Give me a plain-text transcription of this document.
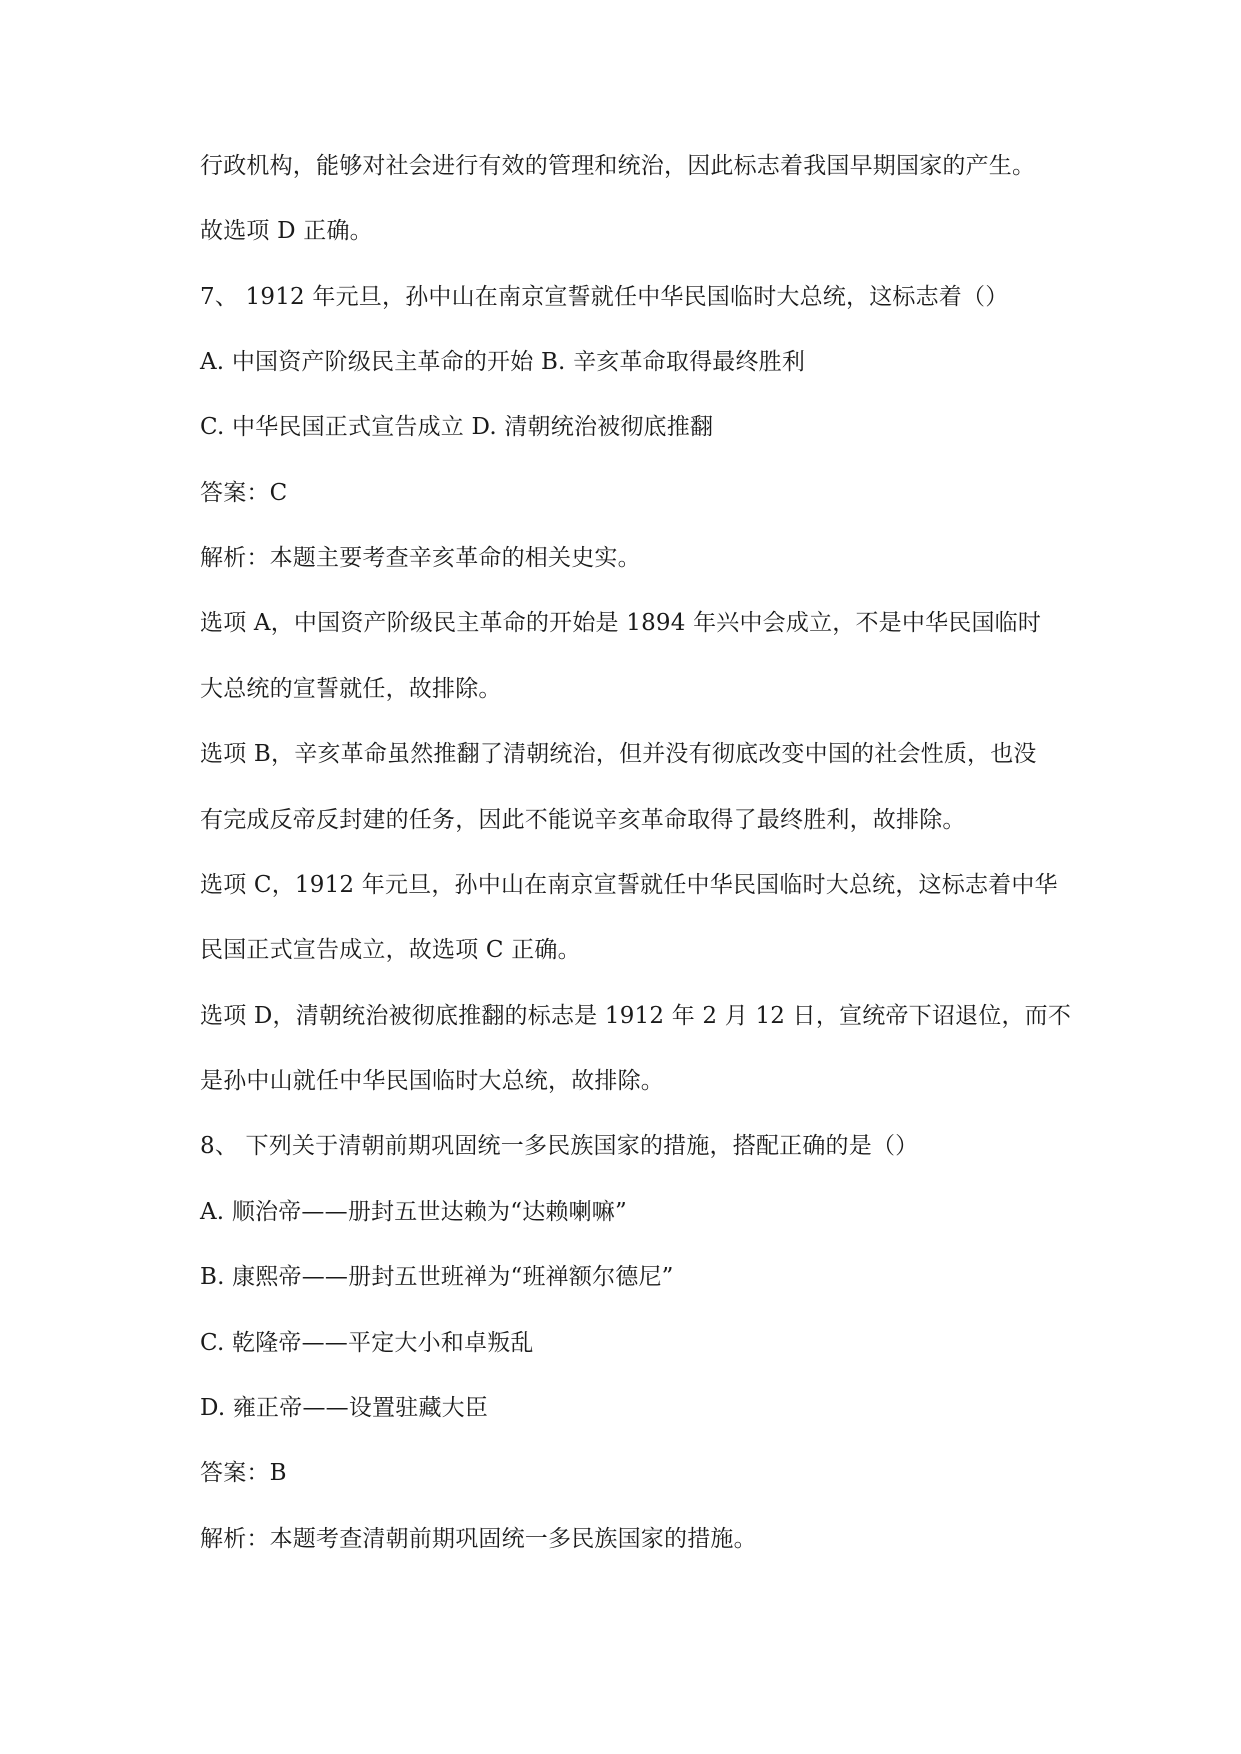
行政机构，能够对社会进行有效的管理和统治，因此标志着我国早期国家的产生。
故选项 D 正确。
7、 1912 年元旦，孙中山在南京宣誓就任中华民国临时大总统，这标志着（）
A. 中国资产阶级民主革命的开始 B. 辛亥革命取得最终胜利
C. 中华民国正式宣告成立 D. 清朝统治被彻底推翻
答案：C
解析：本题主要考查辛亥革命的相关史实。
选项 A，中国资产阶级民主革命的开始是 1894 年兴中会成立，不是中华民国临时
大总统的宣誓就任，故排除。
选项 B，辛亥革命虽然推翻了清朝统治，但并没有彻底改变中国的社会性质，也没
有完成反帝反封建的任务，因此不能说辛亥革命取得了最终胜利，故排除。
选项 C，1912 年元旦，孙中山在南京宣誓就任中华民国临时大总统，这标志着中华
民国正式宣告成立，故选项 C 正确。
选项 D，清朝统治被彻底推翻的标志是 1912 年 2 月 12 日，宣统帝下诏退位，而不
是孙中山就任中华民国临时大总统，故排除。
8、 下列关于清朝前期巩固统一多民族国家的措施，搭配正确的是（）
A. 顺治帝——册封五世达赖为“达赖喇嘛”
B. 康熙帝——册封五世班禅为“班禅额尔德尼”
C. 乾隆帝——平定大小和卓叛乱
D. 雍正帝——设置驻藏大臣
答案：B
解析：本题考查清朝前期巩固统一多民族国家的措施。
